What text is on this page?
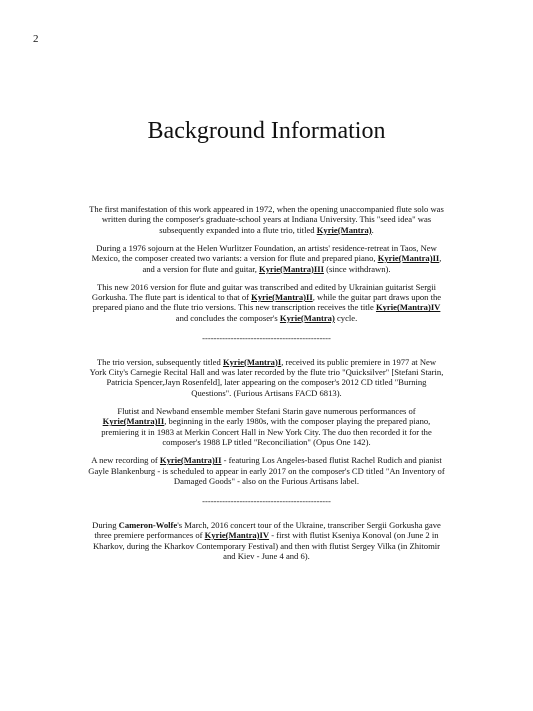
2
Background Information

The first manifestation of this work appeared in 1972, when the opening unaccompanied flute solo was written during the composer's graduate-school years at Indiana University. This "seed idea" was subsequently expanded into a flute trio, titled Kyrie(Mantra).

During a 1976 sojourn at the Helen Wurlitzer Foundation, an artists' residence-retreat in Taos, New Mexico, the composer created two variants: a version for flute and prepared piano, Kyrie(Mantra)II, and a version for flute and guitar, Kyrie(Mantra)III (since withdrawn).

This new 2016 version for flute and guitar was transcribed and edited by Ukrainian guitarist Sergii Gorkusha. The flute part is identical to that of Kyrie(Mantra)II, while the guitar part draws upon the prepared piano and the flute trio versions. This new transcription receives the title Kyrie(Mantra)IV and concludes the composer's Kyrie(Mantra) cycle.

---------------------------------------------

The trio version, subsequently titled Kyrie(Mantra)I, received its public premiere in 1977 at New York City's Carnegie Recital Hall and was later recorded by the flute trio "Quicksilver" [Stefani Starin, Patricia Spencer,Jayn Rosenfeld], later appearing on the composer's 2012 CD titled "Burning Questions". (Furious Artisans FACD 6813).

Flutist and Newband ensemble member Stefani Starin gave numerous performances of Kyrie(Mantra)II, beginning in the early 1980s, with the composer playing the prepared piano, premiering it in 1983 at Merkin Concert Hall in New York City. The duo then recorded it for the composer's 1988 LP titled "Reconciliation" (Opus One 142).

A new recording of Kyrie(Mantra)II - featuring Los Angeles-based flutist Rachel Rudich and pianist Gayle Blankenburg - is scheduled to appear in early 2017 on the composer's CD titled "An Inventory of Damaged Goods" - also on the Furious Artisans label.

---------------------------------------------

During Cameron-Wolfe's March, 2016 concert tour of the Ukraine, transcriber Sergii Gorkusha gave three premiere performances of Kyrie(Mantra)IV - first with flutist Kseniya Konoval (on June 2 in Kharkov, during the Kharkov Contemporary Festival) and then with flutist Sergey Vilka (in Zhitomir and Kiev - June 4 and 6).
